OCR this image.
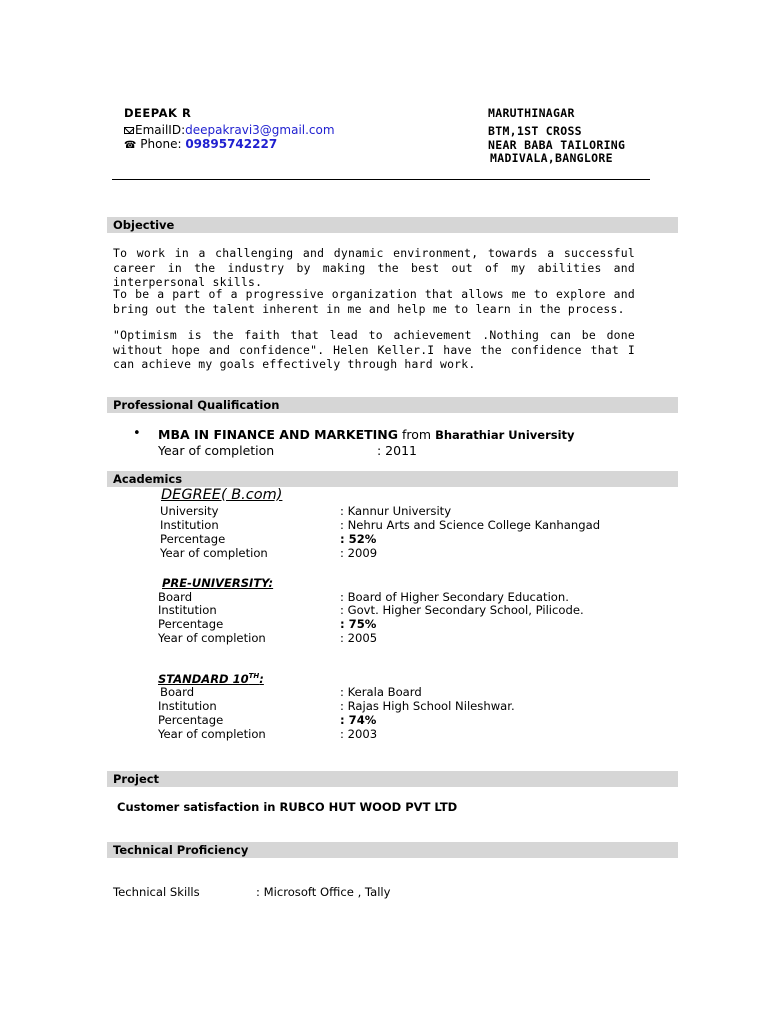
DEEPAK R
EmailID:deepakravi3@gmail.com
☎ Phone: 09895742227
MARUTHINAGAR
BTM,1ST CROSS
NEAR BABA TAILORING
MADIVALA,BANGLORE
Objective
To work in a challenging and dynamic environment, towards a successful career in the industry by making the best out of my abilities and interpersonal skills.
To be a part of a progressive organization that allows me to explore and bring out the talent inherent in me and help me to learn in the process.
"Optimism is the faith that lead to achievement .Nothing can be done without hope and confidence". Helen Keller.I have the confidence that I can achieve my goals effectively through hard work.
Professional Qualification
• MBA IN FINANCE AND MARKETING from Bharathiar University
Year of completion	: 2011
Academics
DEGREE( B.com)
University	: Kannur University
Institution	: Nehru Arts and Science College Kanhangad
Percentage	: 52%
Year of completion	: 2009
PRE-UNIVERSITY:
Board	: Board of Higher Secondary Education.
Institution	: Govt. Higher Secondary School, Pilicode.
Percentage	: 75%
Year of completion	: 2005
STANDARD 10TH:
Board	: Kerala Board
Institution	: Rajas High School Nileshwar.
Percentage	: 74%
Year of completion	: 2003
Project
Customer satisfaction in RUBCO HUT WOOD PVT LTD
Technical Proficiency
Technical Skills	: Microsoft Office , Tally
